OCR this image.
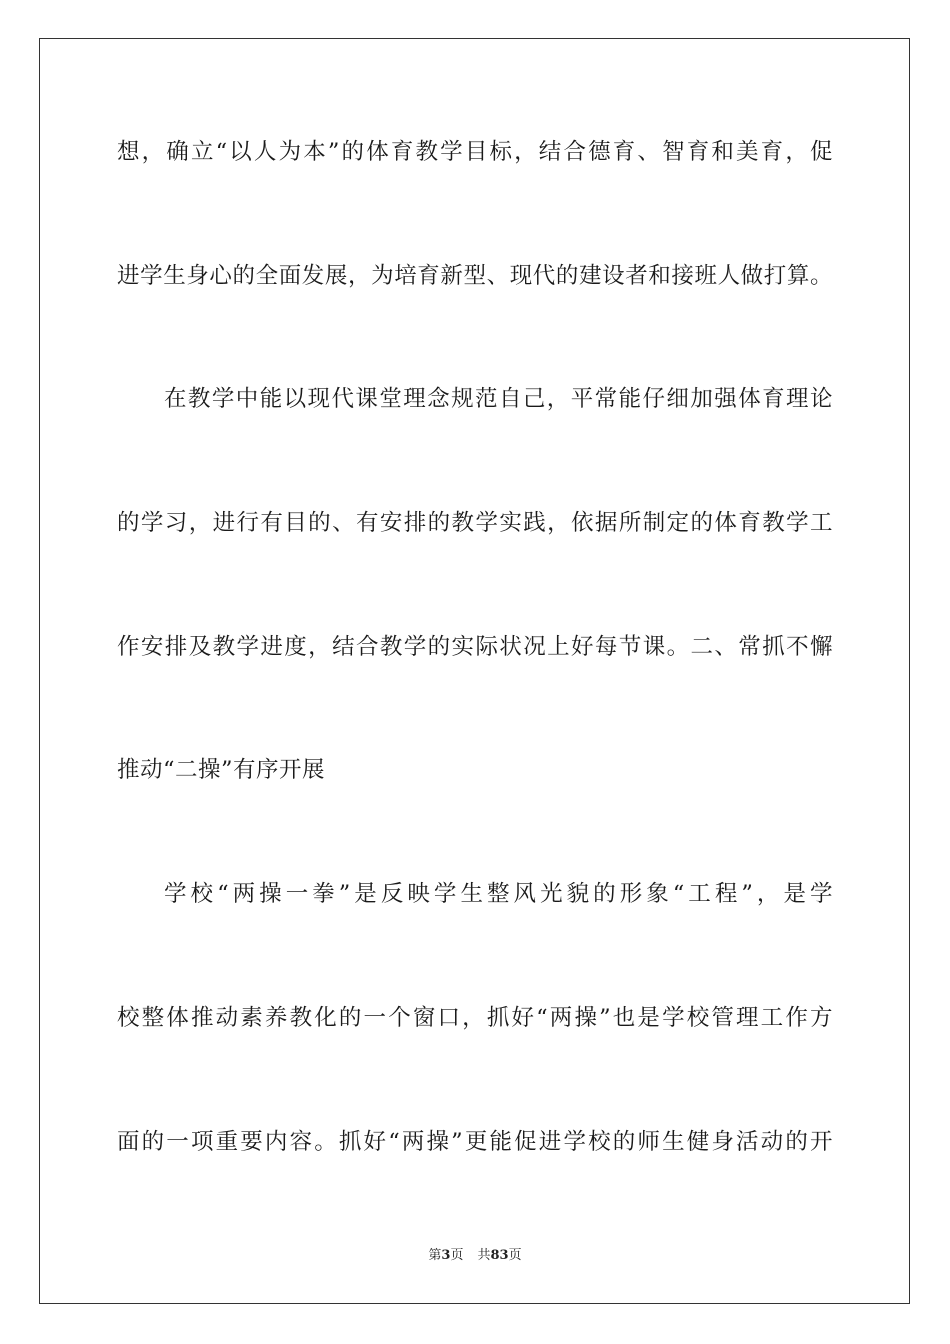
想，确立“以人为本”的体育教学目标，结合德育、智育和美育，促
进学生身心的全面发展，为培育新型、现代的建设者和接班人做打算。
在教学中能以现代课堂理念规范自己，平常能仔细加强体育理论
的学习，进行有目的、有安排的教学实践，依据所制定的体育教学工
作安排及教学进度，结合教学的实际状况上好每节课。二、常抓不懈
推动“二操”有序开展
学校“两操一拳”是反映学生整风光貌的形象“工程”，是学
校整体推动素养教化的一个窗口，抓好“两操”也是学校管理工作方
面的一项重要内容。抓好“两操”更能促进学校的师生健身活动的开
第3页 共83页
